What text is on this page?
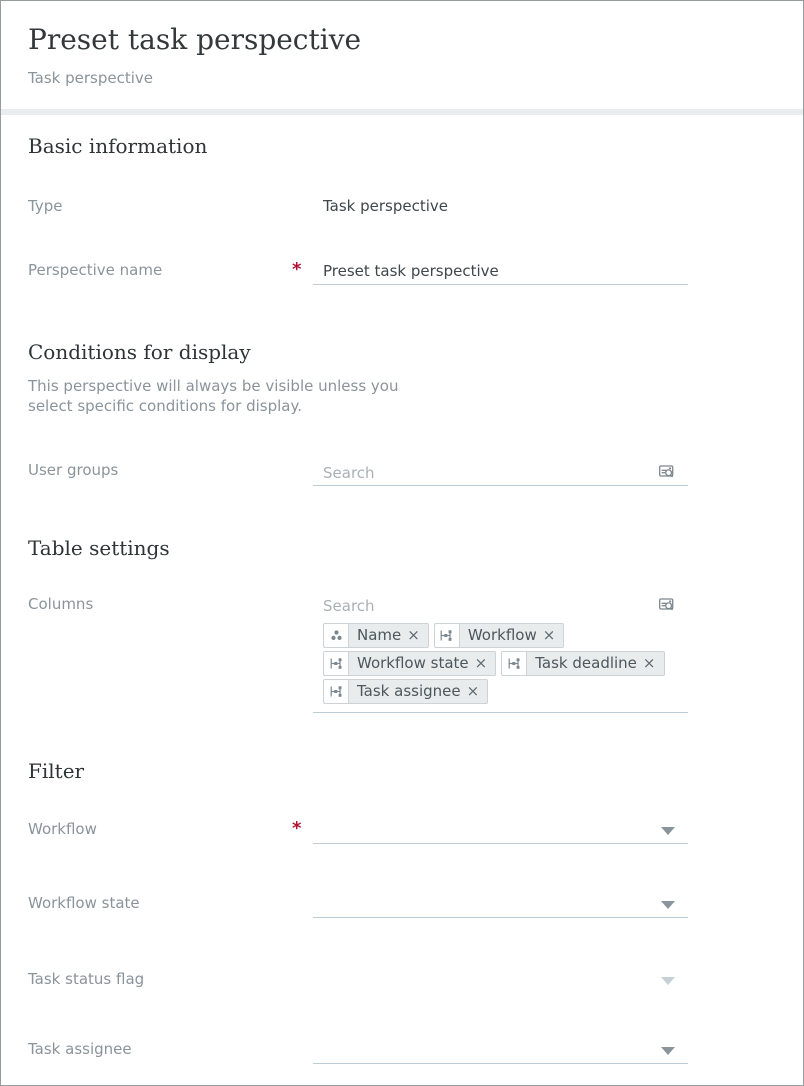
Preset task perspective
Task perspective
Basic information
Type	Task perspective
Perspective name	*
Preset task perspective
Conditions for display
This perspective will always be visible unless you
select specific conditions for display.
User groups
Search
Table settings
Columns
Search
Name ×	Workflow ×
Workflow state ×	Task deadline ×
Task assignee ×
Filter
Workflow	*
Workflow state
Task status flag
Task assignee
